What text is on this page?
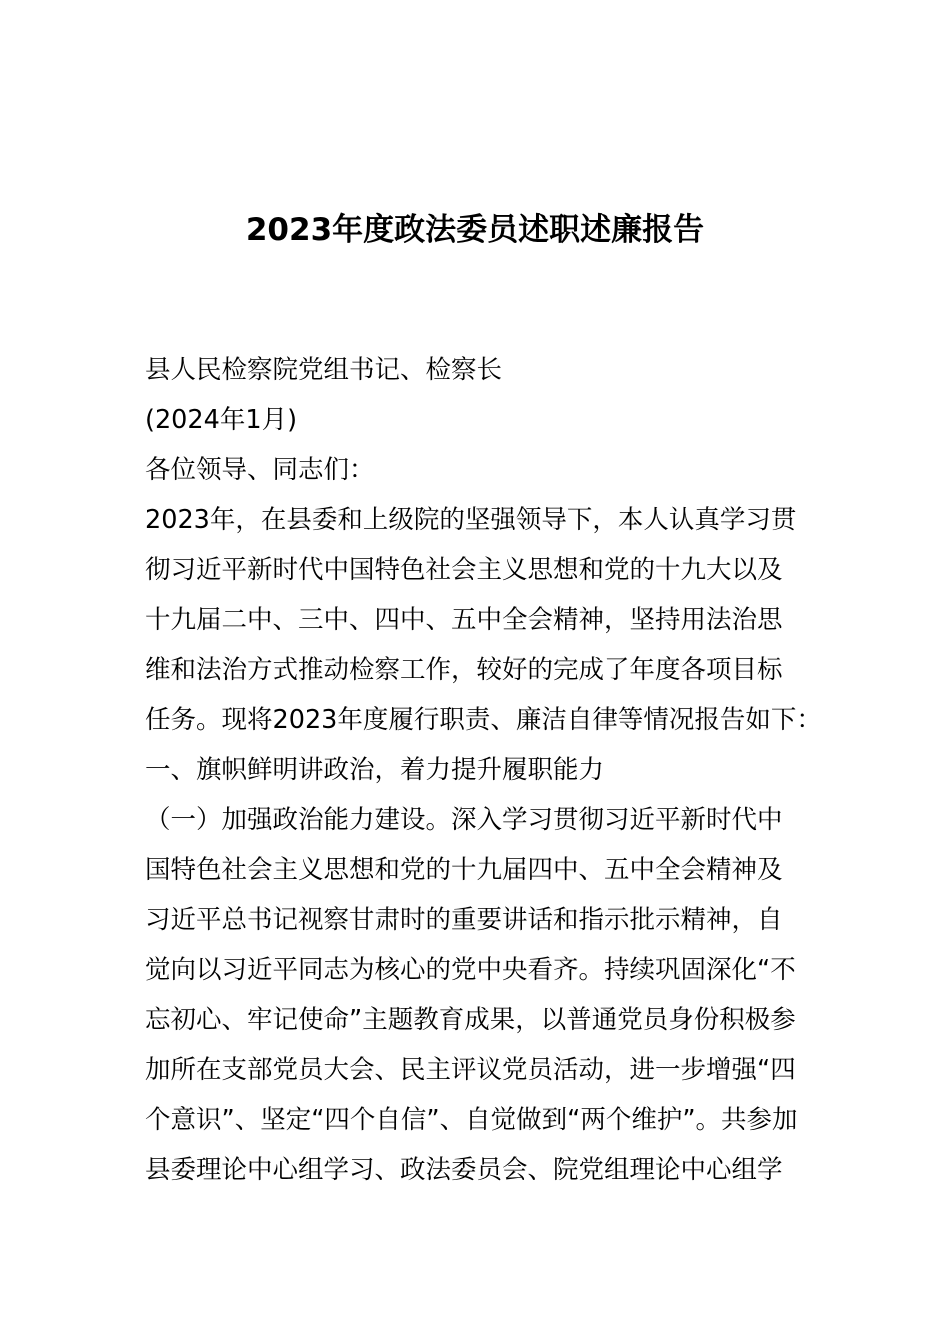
2023年度政法委员述职述廉报告
县人民检察院党组书记、检察长
(2024年1月)
各位领导、同志们：
2023年，在县委和上级院的坚强领导下，本人认真学习贯
彻习近平新时代中国特色社会主义思想和党的十九大以及
十九届二中、三中、四中、五中全会精神，坚持用法治思
维和法治方式推动检察工作，较好的完成了年度各项目标
任务。现将2023年度履行职责、廉洁自律等情况报告如下：
一、旗帜鲜明讲政治，着力提升履职能力
（一）加强政治能力建设。深入学习贯彻习近平新时代中
国特色社会主义思想和党的十九届四中、五中全会精神及
习近平总书记视察甘肃时的重要讲话和指示批示精神，自
觉向以习近平同志为核心的党中央看齐。持续巩固深化“不
忘初心、牢记使命”主题教育成果，以普通党员身份积极参
加所在支部党员大会、民主评议党员活动，进一步增强“四
个意识”、坚定“四个自信”、自觉做到“两个维护”。共参加
县委理论中心组学习、政法委员会、院党组理论中心组学
